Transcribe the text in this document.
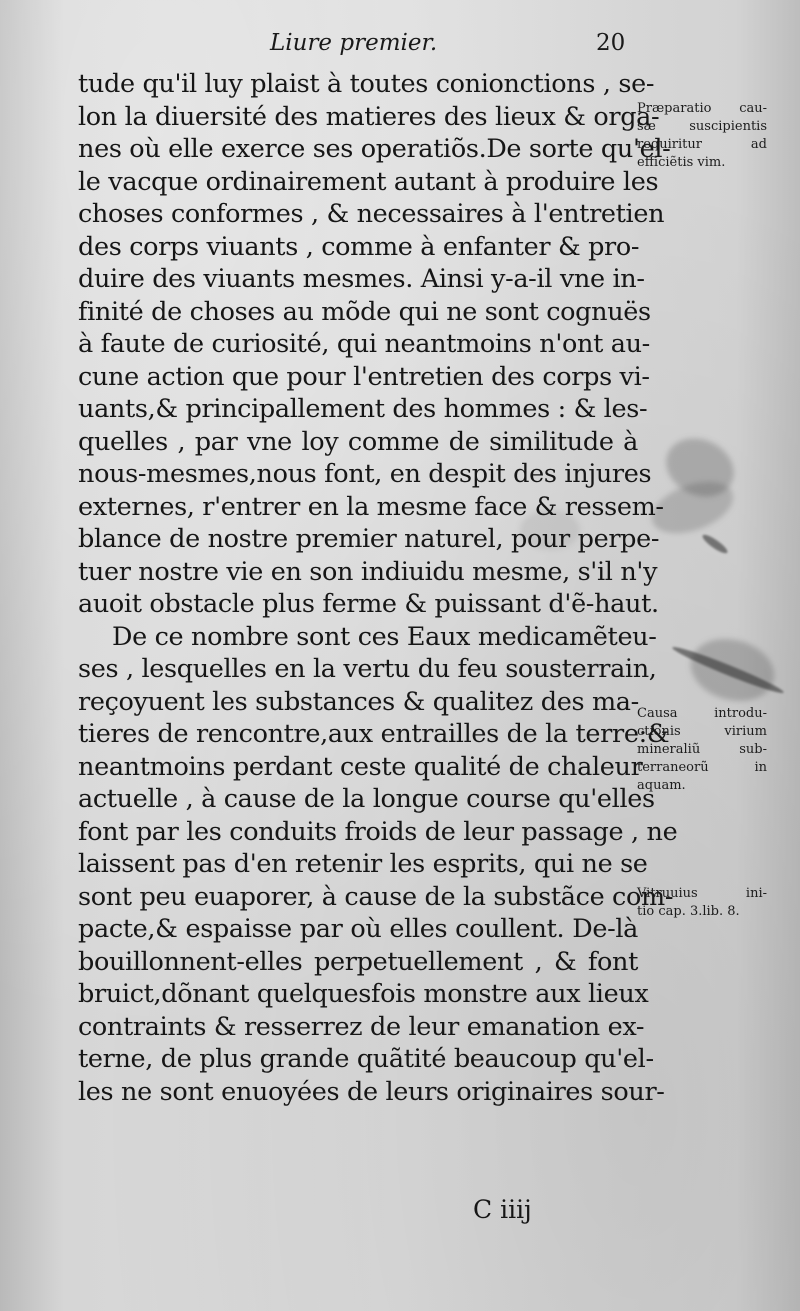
Liure premier.	20
tude qu'il luy plaist à toutes conionctions , se-
lon la diuersité des matieres des lieux & orga-
nes où elle exerce ses operatiõs.De sorte qu'el-
le vacque ordinairement autant à produire les
choses conformes , & necessaires à l'entretien
des corps viuants , comme à enfanter & pro-
duire des viuants mesmes. Ainsi y-a-il vne in-
finité de choses au mõde qui ne sont cognuës
à faute de curiosité, qui neantmoins n'ont au-
cune action que pour l'entretien des corps vi-
uants,& principallement des hommes : & les-
quelles , par vne loy comme de similitude à
nous-mesmes,nous font, en despit des injures
externes, r'entrer en la mesme face & ressem-
blance de nostre premier naturel, pour perpe-
tuer nostre vie en son indiuidu mesme, s'il n'y
auoit obstacle plus ferme & puissant d'ẽ-haut.
De ce nombre sont ces Eaux medicamẽteu-
ses , lesquelles en la vertu du feu sousterrain,
reçoyuent les substances & qualitez des ma-
tieres de rencontre,aux entrailles de la terre:&
neantmoins perdant ceste qualité de chaleur
actuelle , à cause de la longue course qu'elles
font par les conduits froids de leur passage , ne
laissent pas d'en retenir les esprits, qui ne se
sont peu euaporer, à cause de la substãce com-
pacte,& espaisse par où elles coullent. De-là
bouillonnent-elles perpetuellement , & font
bruict,dõnant quelquesfois monstre aux lieux
contraints & resserrez de leur emanation ex-
terne, de plus grande quãtité beaucoup qu'el-
les ne sont enuoyées de leurs originaires sour-
Præparatio cau-
sæ suscipientis
requiritur ad
efficiẽtis vim.
Causa introdu-
ctionis virium
mineraliũ sub-
terraneorũ in
aquam.
Vitruuius ini-
tio cap. 3.lib. 8.
C iiij
